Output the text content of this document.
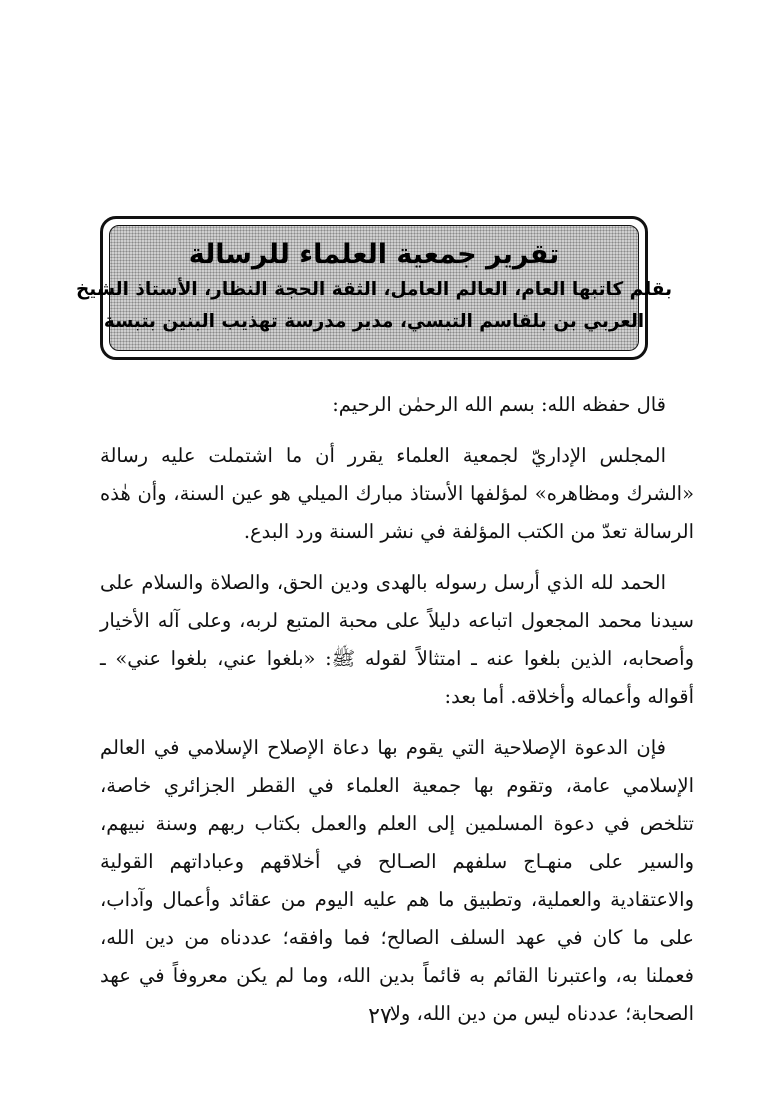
تقرير جمعية العلماء للرسالة
بقلم كاتبها العام، العالم العامل، الثقة الحجة النظار، الأستاذ الشيخ
العربي بن بلقاسم التبسي، مدير مدرسة تهذيب البنين بتبسة

قال حفظه الله: بسم الله الرحمٰن الرحيم:

المجلس الإداريّ لجمعية العلماء يقرر أن ما اشتملت عليه رسالة «الشرك ومظاهره» لمؤلفها الأستاذ مبارك الميلي هو عين السنة، وأن هٰذه الرسالة تعدّ من الكتب المؤلفة في نشر السنة ورد البدع.

الحمد لله الذي أرسل رسوله بالهدى ودين الحق، والصلاة والسلام على سيدنا محمد المجعول اتباعه دليلاً على محبة المتبع لربه، وعلى آله الأخيار وأصحابه، الذين بلغوا عنه ـ امتثالاً لقوله ﷺ: «بلغوا عني، بلغوا عني» ـ أقواله وأعماله وأخلاقه. أما بعد:

فإن الدعوة الإصلاحية التي يقوم بها دعاة الإصلاح الإسلامي في العالم الإسلامي عامة، وتقوم بها جمعية العلماء في القطر الجزائري خاصة، تتلخص في دعوة المسلمين إلى العلم والعمل بكتاب ربهم وسنة نبيهم، والسير على منهـاج سلفهم الصـالح في أخلاقهم وعباداتهم القولية والاعتقادية والعملية، وتطبيق ما هم عليه اليوم من عقائد وأعمال وآداب، على ما كان في عهد السلف الصالح؛ فما وافقه؛ عددناه من دين الله، فعملنا به، واعتبرنا القائم به قائماً بدين الله، وما لم يكن معروفاً في عهد الصحابة؛ عددناه ليس من دين الله، ولا

٢٧
